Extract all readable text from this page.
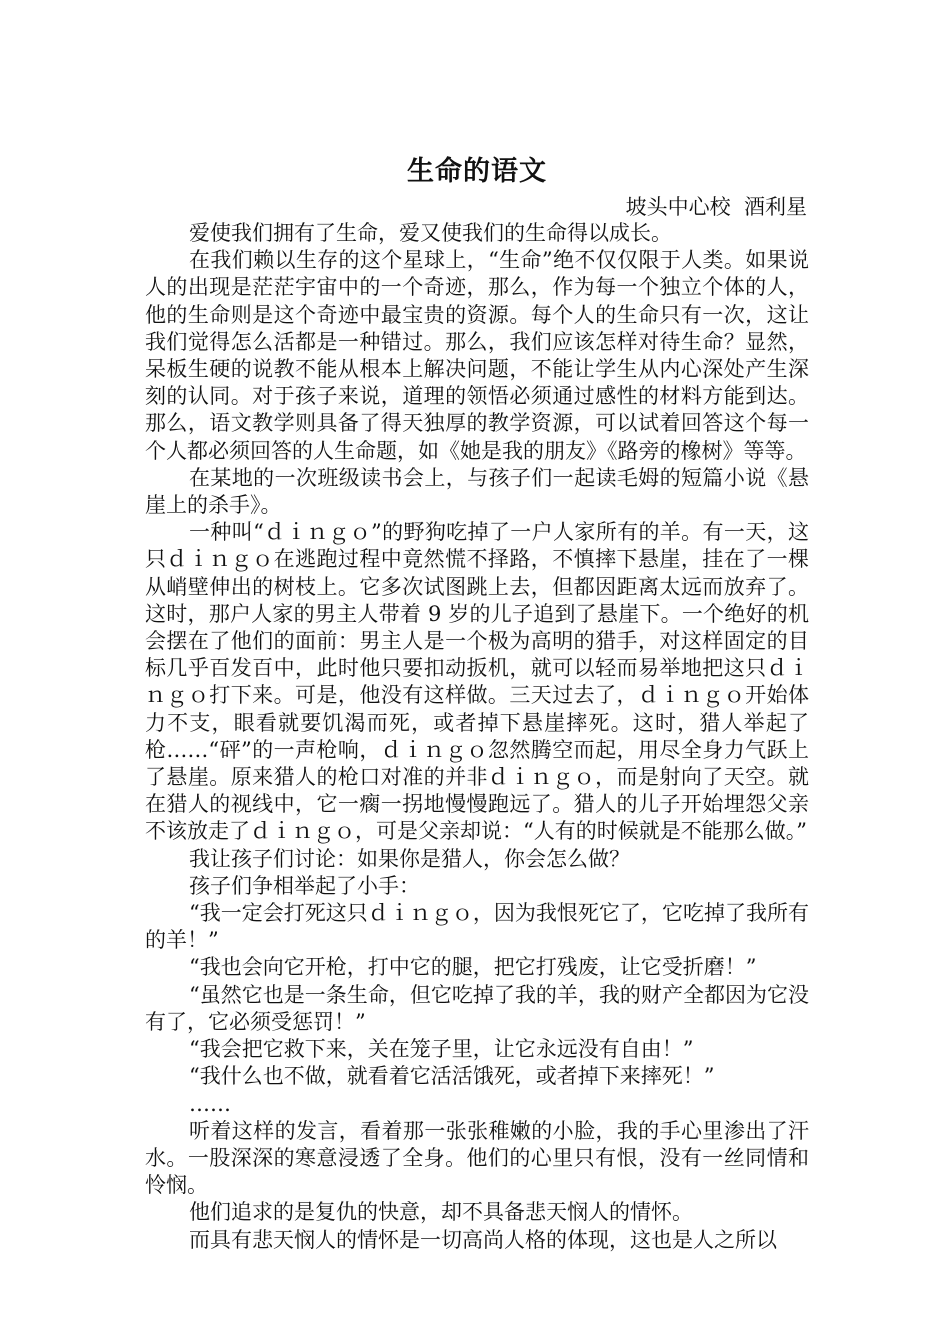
生命的语文

坡头中心校  酒利星

爱使我们拥有了生命，爱又使我们的生命得以成长。

在我们赖以生存的这个星球上，“生命”绝不仅仅限于人类。如果说人的出现是茫茫宇宙中的一个奇迹，那么，作为每一个独立个体的人，他的生命则是这个奇迹中最宝贵的资源。每个人的生命只有一次，这让我们觉得怎么活都是一种错过。那么，我们应该怎样对待生命？显然，呆板生硬的说教不能从根本上解决问题，不能让学生从内心深处产生深刻的认同。对于孩子来说，道理的领悟必须通过感性的材料方能到达。那么，语文教学则具备了得天独厚的教学资源，可以试着回答这个每一个人都必须回答的人生命题，如《她是我的朋友》《路旁的橡树》等等。

在某地的一次班级读书会上，与孩子们一起读毛姆的短篇小说《悬崖上的杀手》。

一种叫“ｄｉｎｇｏ”的野狗吃掉了一户人家所有的羊。有一天，这只ｄｉｎｇｏ在逃跑过程中竟然慌不择路，不慎摔下悬崖，挂在了一棵从峭壁伸出的树枝上。它多次试图跳上去，但都因距离太远而放弃了。这时，那户人家的男主人带着 9 岁的儿子追到了悬崖下。一个绝好的机会摆在了他们的面前：男主人是一个极为高明的猎手，对这样固定的目标几乎百发百中，此时他只要扣动扳机，就可以轻而易举地把这只ｄｉｎｇｏ打下来。可是，他没有这样做。三天过去了，ｄｉｎｇｏ开始体力不支，眼看就要饥渴而死，或者掉下悬崖摔死。这时，猎人举起了枪……“砰”的一声枪响，ｄｉｎｇｏ忽然腾空而起，用尽全身力气跃上了悬崖。原来猎人的枪口对准的并非ｄｉｎｇｏ，而是射向了天空。就在猎人的视线中，它一瘸一拐地慢慢跑远了。猎人的儿子开始埋怨父亲不该放走了ｄｉｎｇｏ，可是父亲却说：“人有的时候就是不能那么做。”

我让孩子们讨论：如果你是猎人，你会怎么做？

孩子们争相举起了小手：

“我一定会打死这只ｄｉｎｇｏ，因为我恨死它了，它吃掉了我所有的羊！”

“我也会向它开枪，打中它的腿，把它打残废，让它受折磨！”

“虽然它也是一条生命，但它吃掉了我的羊，我的财产全都因为它没有了，它必须受惩罚！”

“我会把它救下来，关在笼子里，让它永远没有自由！”

“我什么也不做，就看着它活活饿死，或者掉下来摔死！”

……

听着这样的发言，看着那一张张稚嫩的小脸，我的手心里渗出了汗水。一股深深的寒意浸透了全身。他们的心里只有恨，没有一丝同情和怜悯。

他们追求的是复仇的快意，却不具备悲天悯人的情怀。

而具有悲天悯人的情怀是一切高尚人格的体现，这也是人之所以
